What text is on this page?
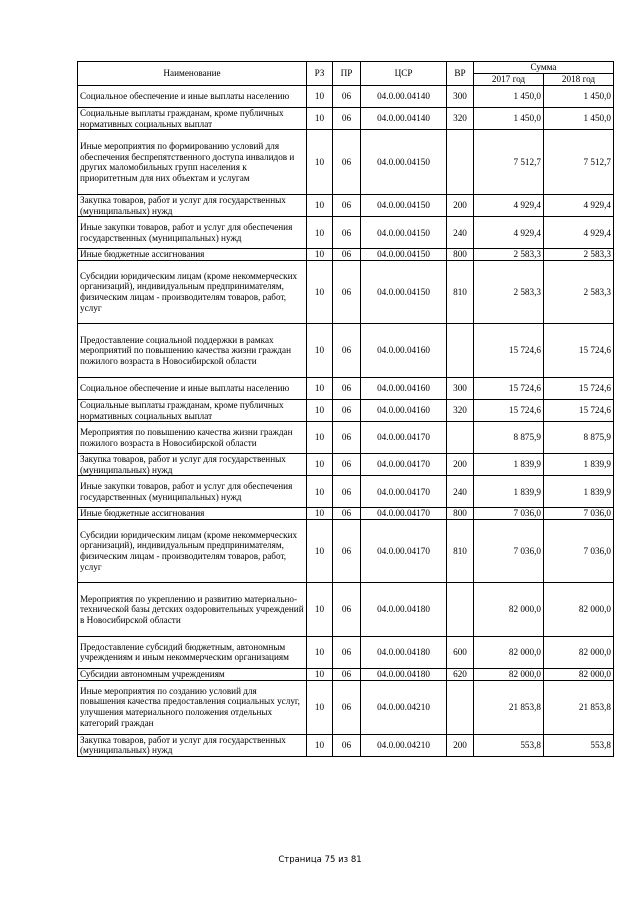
Наименование	РЗ	ПР	ЦСР	ВР	Сумма	
					2017 год	2018 год
Социальное обеспечение и иные выплаты населению	10	06	04.0.00.04140	300	1 450,0	1 450,0
Социальные выплаты гражданам, кроме публичных нормативных социальных выплат	10	06	04.0.00.04140	320	1 450,0	1 450,0
Иные мероприятия по формированию условий для обеспечения беспрепятственного доступа инвалидов и других маломобильных групп населения к приоритетным для них объектам и услугам	10	06	04.0.00.04150		7 512,7	7 512,7
Закупка товаров, работ и услуг для государственных (муниципальных) нужд	10	06	04.0.00.04150	200	4 929,4	4 929,4
Иные закупки товаров, работ и услуг для обеспечения государственных (муниципальных) нужд	10	06	04.0.00.04150	240	4 929,4	4 929,4
Иные бюджетные ассигнования	10	06	04.0.00.04150	800	2 583,3	2 583,3
Субсидии юридическим лицам (кроме некоммерческих организаций), индивидуальным предпринимателям, физическим лицам - производителям товаров, работ, услуг	10	06	04.0.00.04150	810	2 583,3	2 583,3
Предоставление социальной поддержки в рамках мероприятий по повышению качества жизни граждан пожилого возраста в Новосибирской области	10	06	04.0.00.04160		15 724,6	15 724,6
Социальное обеспечение и иные выплаты населению	10	06	04.0.00.04160	300	15 724,6	15 724,6
Социальные выплаты гражданам, кроме публичных нормативных социальных выплат	10	06	04.0.00.04160	320	15 724,6	15 724,6
Мероприятия по повышению качества жизни граждан пожилого возраста в Новосибирской области	10	06	04.0.00.04170		8 875,9	8 875,9
Закупка товаров, работ и услуг для государственных (муниципальных) нужд	10	06	04.0.00.04170	200	1 839,9	1 839,9
Иные закупки товаров, работ и услуг для обеспечения государственных (муниципальных) нужд	10	06	04.0.00.04170	240	1 839,9	1 839,9
Иные бюджетные ассигнования	10	06	04.0.00.04170	800	7 036,0	7 036,0
Субсидии юридическим лицам (кроме некоммерческих организаций), индивидуальным предпринимателям, физическим лицам - производителям товаров, работ, услуг	10	06	04.0.00.04170	810	7 036,0	7 036,0
Мероприятия по укреплению и развитию материально-технической базы детских оздоровительных учреждений в Новосибирской области	10	06	04.0.00.04180		82 000,0	82 000,0
Предоставление субсидий бюджетным, автономным учреждениям и иным некоммерческим организациям	10	06	04.0.00.04180	600	82 000,0	82 000,0
Субсидии автономным учреждениям	10	06	04.0.00.04180	620	82 000,0	82 000,0
Иные мероприятия по созданию условий для повышения качества предоставления социальных услуг, улучшения материального положения отдельных категорий граждан	10	06	04.0.00.04210		21 853,8	21 853,8
Закупка товаров, работ и услуг для государственных (муниципальных) нужд	10	06	04.0.00.04210	200	553,8	553,8
Страница 75 из 81
